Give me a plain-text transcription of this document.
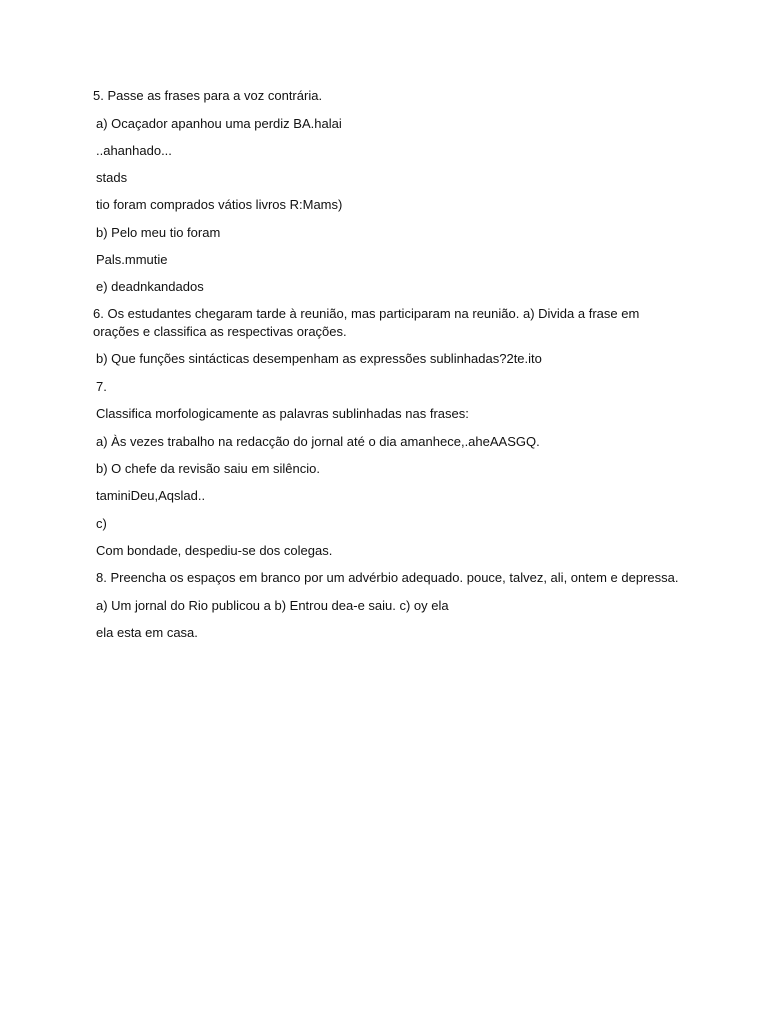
5. Passe as frases para a voz contrária.
a) Ocaçador apanhou uma perdiz BA.halai
..ahanhado...
stads
tio foram comprados vátios livros R:Mams)
b) Pelo meu tio foram
Pals.mmutie
e) deadnkandados
6. Os estudantes chegaram tarde à reunião, mas participaram na reunião. a) Divida a frase em
orações e classifica as respectivas orações.
b) Que funções sintácticas desempenham as expressões sublinhadas?2te.ito
7.
Classifica morfologicamente as palavras sublinhadas nas frases:
a) Às vezes trabalho na redacção do jornal até o dia amanhece,.aheAASGQ.
b) O chefe da revisão saiu em silêncio.
taminiDeu,Aqslad..
c)
Com bondade, despediu-se dos colegas.
8. Preencha os espaços em branco por um advérbio adequado. pouce, talvez, ali, ontem e depressa.
a) Um jornal do Rio publicou a b) Entrou dea-e saiu. c) oy ela
ela esta em casa.
